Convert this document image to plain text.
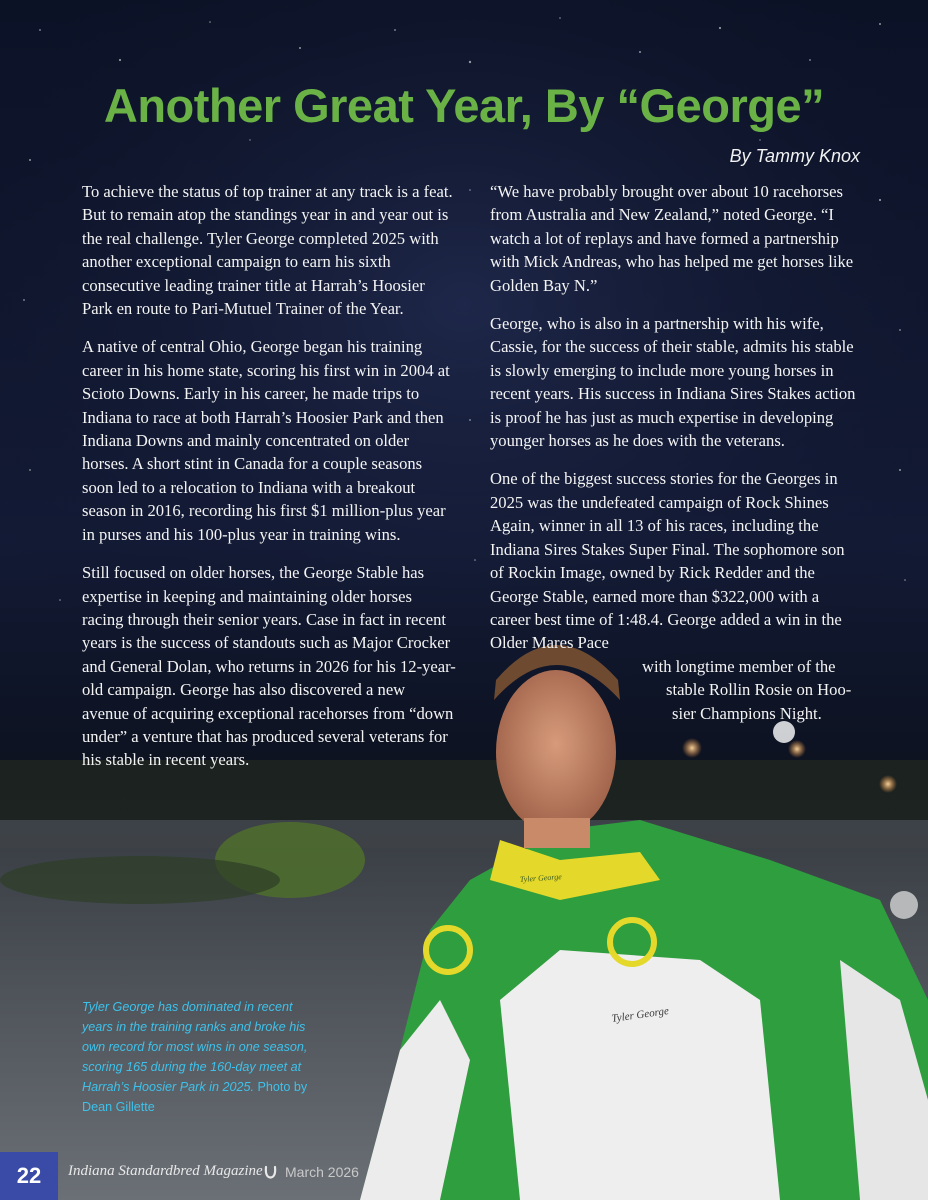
Another Great Year, By “George”

By Tammy Knox

To achieve the status of top trainer at any track is a feat. But to remain atop the standings year in and year out is the real challenge. Tyler George completed 2025 with another exceptional campaign to earn his sixth consecutive leading trainer title at Harrah’s Hoosier Park en route to Pari-Mutuel Trainer of the Year.

A native of central Ohio, George began his training career in his home state, scoring his first win in 2004 at Scioto Downs. Early in his career, he made trips to Indiana to race at both Harrah’s Hoosier Park and then Indiana Downs and mainly concentrated on older horses. A short stint in Canada for a couple seasons soon led to a relocation to Indiana with a breakout season in 2016, recording his first $1 million-plus year in purses and his 100-plus year in training wins.

Still focused on older horses, the George Stable has expertise in keeping and maintaining older horses racing through their senior years. Case in fact in recent years is the success of standouts such as Major Crocker and General Dolan, who returns in 2026 for his 12-year-old campaign. George has also discovered a new avenue of acquiring exceptional racehorses from “down under” a venture that has produced several veterans for his stable in recent years.

“We have probably brought over about 10 racehorses from Australia and New Zealand,” noted George. “I watch a lot of replays and have formed a partnership with Mick Andreas, who has helped me get horses like Golden Bay N.”

George, who is also in a partnership with his wife, Cassie, for the success of their stable, admits his stable is slowly emerging to include more young horses in recent years. His success in Indiana Sires Stakes action is proof he has just as much expertise in developing younger horses as he does with the veterans.

One of the biggest success stories for the Georges in 2025 was the undefeated campaign of Rock Shines Again, winner in all 13 of his races, including the Indiana Sires Stakes Super Final. The sophomore son of Rockin Image, owned by Rick Redder and the George Stable, earned more than $322,000 with a career best time of 1:48.4. George added a win in the Older Mares Pace

with longtime member of the
stable Rollin Rosie on Hoo-
sier Champions Night.
Tyler George
Tyler George

Tyler George has dominated in recent years in the training ranks and broke his own record for most wins in one season, scoring 165 during the 160-day meet at Harrah’s Hoosier Park in 2025. Photo by Dean Gillette

22	Indiana Standardbred Magazine March 2026
